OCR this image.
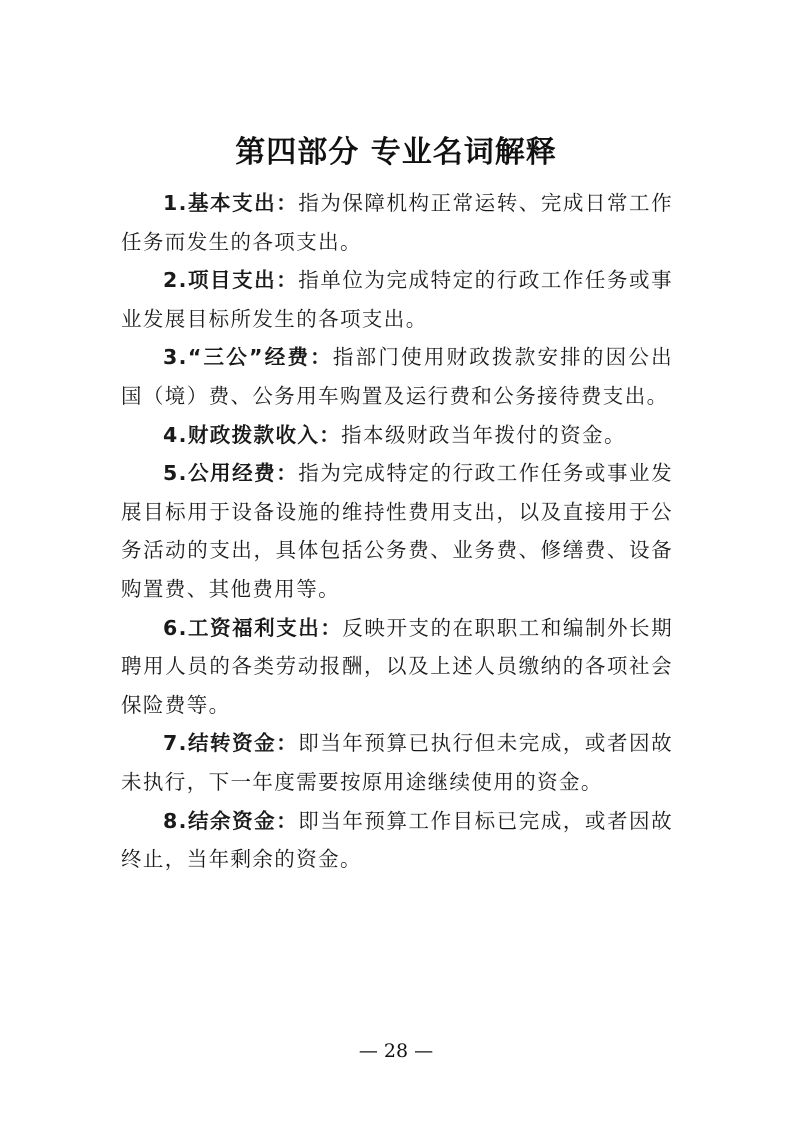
第四部分 专业名词解释

1.基本支出：指为保障机构正常运转、完成日常工作任务而发生的各项支出。

2.项目支出：指单位为完成特定的行政工作任务或事业发展目标所发生的各项支出。

3.“三公”经费：指部门使用财政拨款安排的因公出国（境）费、公务用车购置及运行费和公务接待费支出。

4.财政拨款收入：指本级财政当年拨付的资金。

5.公用经费：指为完成特定的行政工作任务或事业发展目标用于设备设施的维持性费用支出，以及直接用于公务活动的支出，具体包括公务费、业务费、修缮费、设备购置费、其他费用等。

6.工资福利支出：反映开支的在职职工和编制外长期聘用人员的各类劳动报酬，以及上述人员缴纳的各项社会保险费等。

7.结转资金：即当年预算已执行但未完成，或者因故未执行，下一年度需要按原用途继续使用的资金。

8.结余资金：即当年预算工作目标已完成，或者因故终止，当年剩余的资金。

— 28 —
